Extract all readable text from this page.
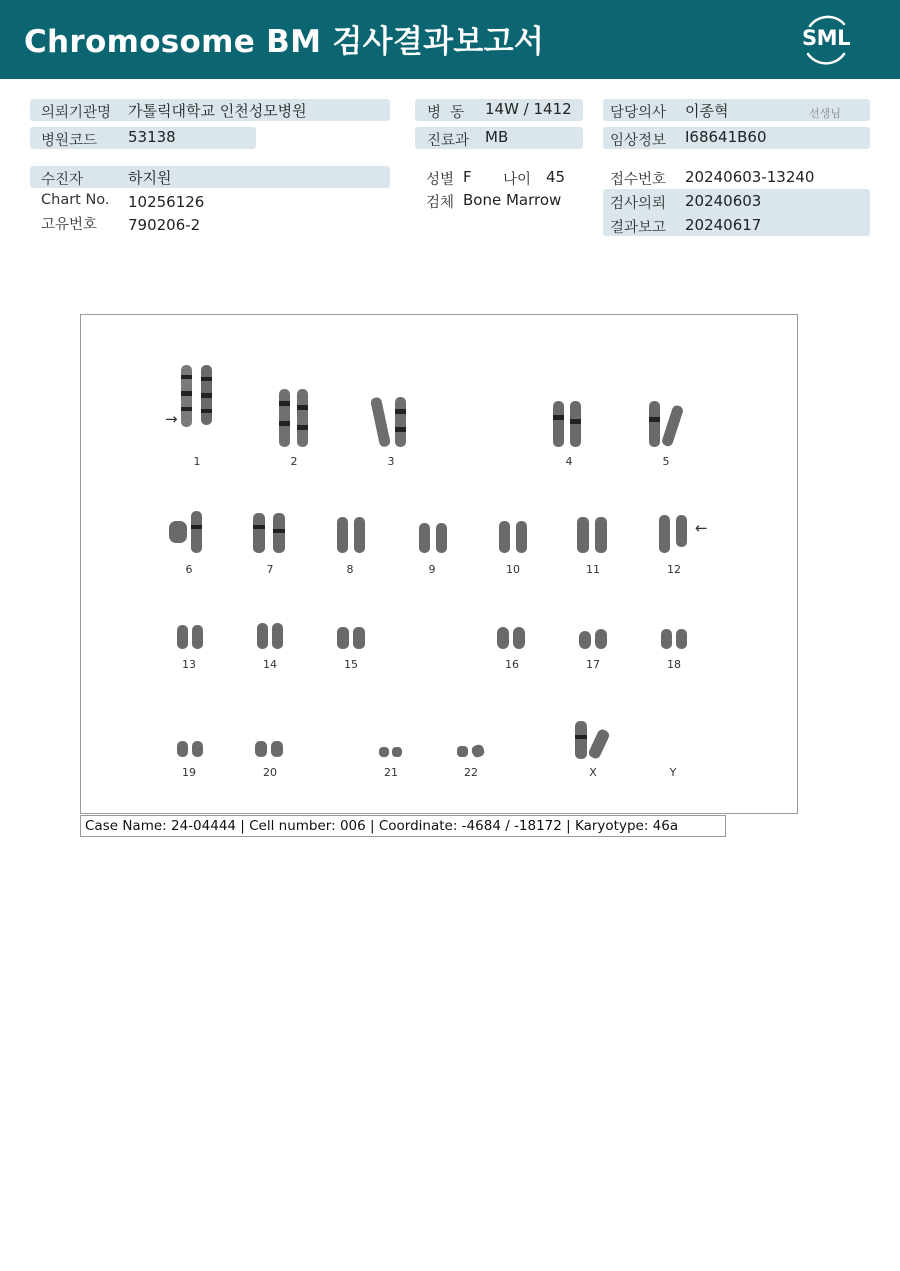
Chromosome BM 검사결과보고서	SML
의뢰기관명 가톨릭대학교 인천성모병원
병원코드 53138
수진자	하지원
Chart No. 10256126
고유번호 790206-2
병  동 14W / 1412
진료과 MB
성별 F 나이 45
검체 Bone Marrow
담당의사 이종혁	선생님
임상정보 I68641B60
접수번호 20240603-13240
검사의뢰 20240603
결과보고 20240617
→
←
1	2	3	4	5
6	7	8	9	10	11	12
13	14	15	16	17	18
19	20	21	22	X	Y
Case Name: 24-04444 | Cell number: 006 | Coordinate: -4684 / -18172 | Karyotype: 46a
